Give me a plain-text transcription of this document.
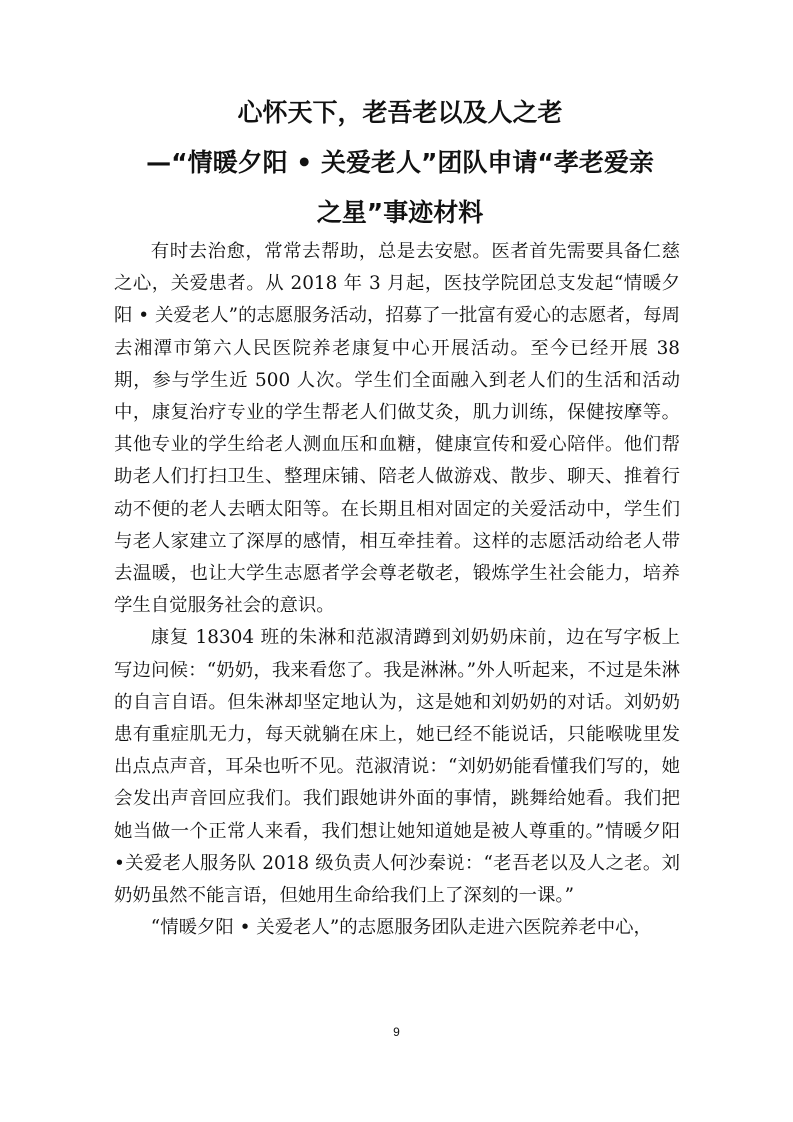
心怀天下，老吾老以及人之老
—“情暖夕阳 • 关爱老人”团队申请“孝老爱亲
之星”事迹材料

有时去治愈，常常去帮助，总是去安慰。医者首先需要具备仁慈之心，关爱患者。从 2018 年 3 月起，医技学院团总支发起“情暖夕阳 • 关爱老人”的志愿服务活动，招募了一批富有爱心的志愿者，每周去湘潭市第六人民医院养老康复中心开展活动。至今已经开展 38 期，参与学生近 500 人次。学生们全面融入到老人们的生活和活动中，康复治疗专业的学生帮老人们做艾灸，肌力训练，保健按摩等。其他专业的学生给老人测血压和血糖，健康宣传和爱心陪伴。他们帮助老人们打扫卫生、整理床铺、陪老人做游戏、散步、聊天、推着行动不便的老人去晒太阳等。在长期且相对固定的关爱活动中，学生们与老人家建立了深厚的感情，相互牵挂着。这样的志愿活动给老人带去温暖，也让大学生志愿者学会尊老敬老，锻炼学生社会能力，培养学生自觉服务社会的意识。

康复 18304 班的朱淋和范淑清蹲到刘奶奶床前，边在写字板上写边问候：“奶奶，我来看您了。我是淋淋。”外人听起来，不过是朱淋的自言自语。但朱淋却坚定地认为，这是她和刘奶奶的对话。刘奶奶患有重症肌无力，每天就躺在床上，她已经不能说话，只能喉咙里发出点点声音，耳朵也听不见。范淑清说：“刘奶奶能看懂我们写的，她会发出声音回应我们。我们跟她讲外面的事情，跳舞给她看。我们把她当做一个正常人来看，我们想让她知道她是被人尊重的。”情暖夕阳 •关爱老人服务队 2018 级负责人何沙秦说：“老吾老以及人之老。刘奶奶虽然不能言语，但她用生命给我们上了深刻的一课。”

“情暖夕阳 • 关爱老人”的志愿服务团队走进六医院养老中心，

9
